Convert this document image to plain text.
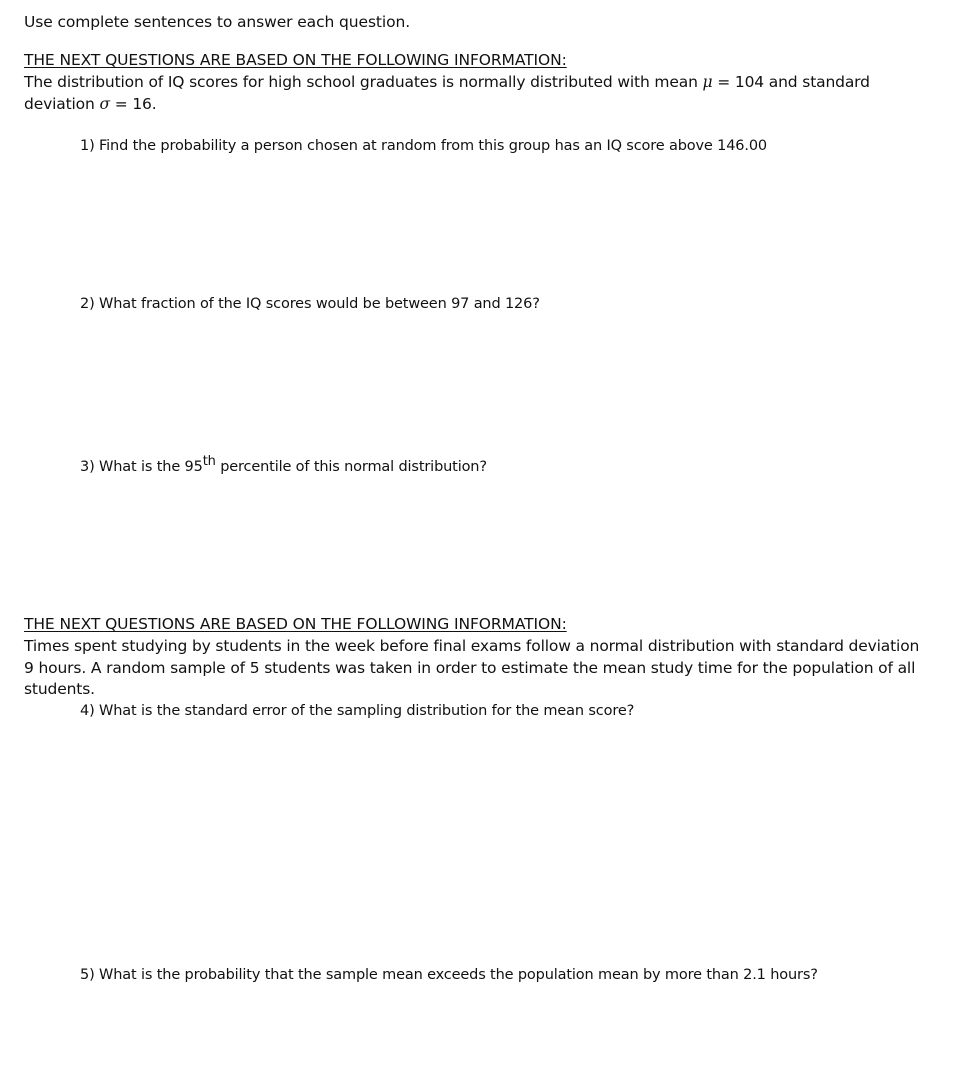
Use complete sentences to answer each question.
THE NEXT QUESTIONS ARE BASED ON THE FOLLOWING INFORMATION:
The distribution of IQ scores for high school graduates is normally distributed with mean μ = 104 and standard deviation σ = 16.
1) Find the probability a person chosen at random from this group has an IQ score above 146.00
2) What fraction of the IQ scores would be between 97 and 126?
3) What is the 95th percentile of this normal distribution?
THE NEXT QUESTIONS ARE BASED ON THE FOLLOWING INFORMATION:
Times spent studying by students in the week before final exams follow a normal distribution with standard deviation 9 hours. A random sample of 5 students was taken in order to estimate the mean study time for the population of all students.
4) What is the standard error of the sampling distribution for the mean score?
5) What is the probability that the sample mean exceeds the population mean by more than 2.1 hours?
